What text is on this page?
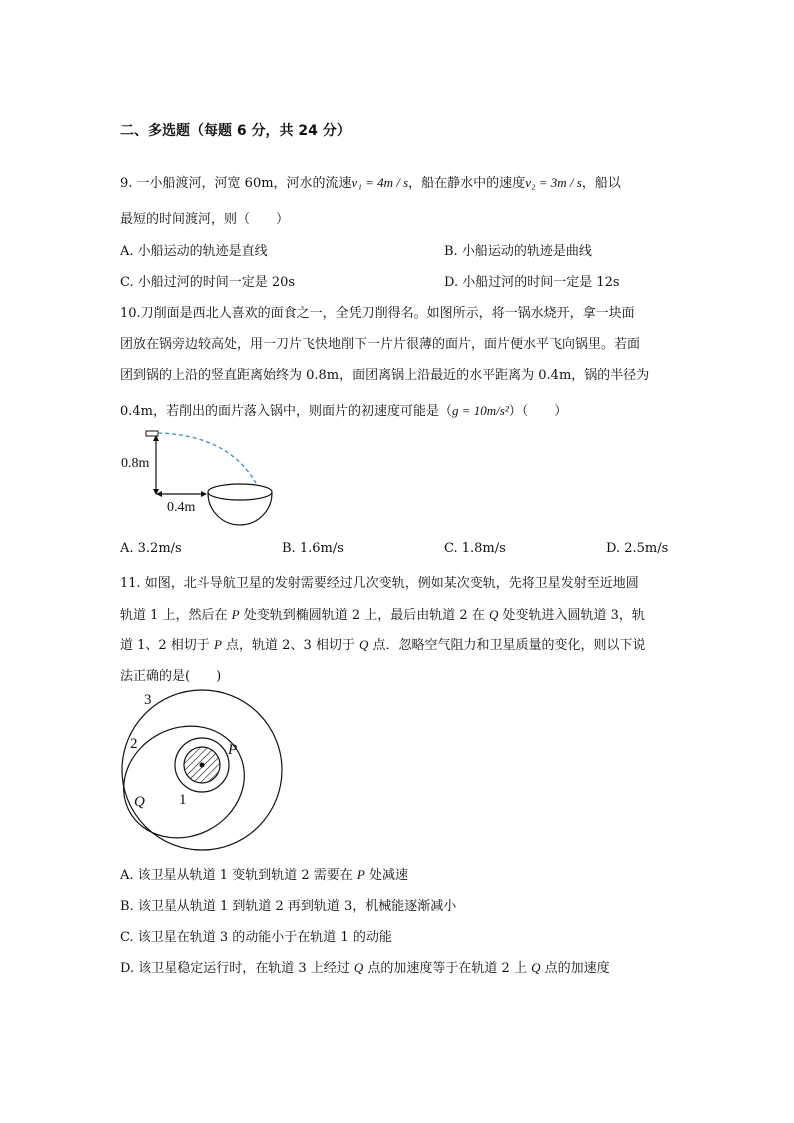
二、多选题（每题 6 分，共 24 分）
9. 一小船渡河，河宽 60m，河水的流速v₁ = 4m / s，船在静水中的速度v₂ = 3m / s，船以
最短的时间渡河，则（　　）
A. 小船运动的轨迹是直线	B. 小船运动的轨迹是曲线
C. 小船过河的时间一定是 20s	D. 小船过河的时间一定是 12s
10.刀削面是西北人喜欢的面食之一，全凭刀削得名。如图所示，将一锅水烧开，拿一块面
团放在锅旁边较高处，用一刀片飞快地削下一片片很薄的面片，面片便水平飞向锅里。若面
团到锅的上沿的竖直距离始终为 0.8m，面团离锅上沿最近的水平距离为 0.4m，锅的半径为
0.4m，若削出的面片落入锅中，则面片的初速度可能是（g = 10m/s²）（　　）
0.8m
0.4m
A. 3.2m/s	B. 1.6m/s	C. 1.8m/s	D. 2.5m/s
11. 如图，北斗导航卫星的发射需要经过几次变轨，例如某次变轨，先将卫星发射至近地圆
轨道 1 上，然后在 P 处变轨到椭圆轨道 2 上，最后由轨道 2 在 Q 处变轨进入圆轨道 3，轨
道 1、2 相切于 P 点，轨道 2、3 相切于 Q 点．忽略空气阻力和卫星质量的变化，则以下说
法正确的是(　　)
3
2
1
P
Q
A. 该卫星从轨道 1 变轨到轨道 2 需要在 P 处减速
B. 该卫星从轨道 1 到轨道 2 再到轨道 3，机械能逐渐减小
C. 该卫星在轨道 3 的动能小于在轨道 1 的动能
D. 该卫星稳定运行时，在轨道 3 上经过 Q 点的加速度等于在轨道 2 上 Q 点的加速度
